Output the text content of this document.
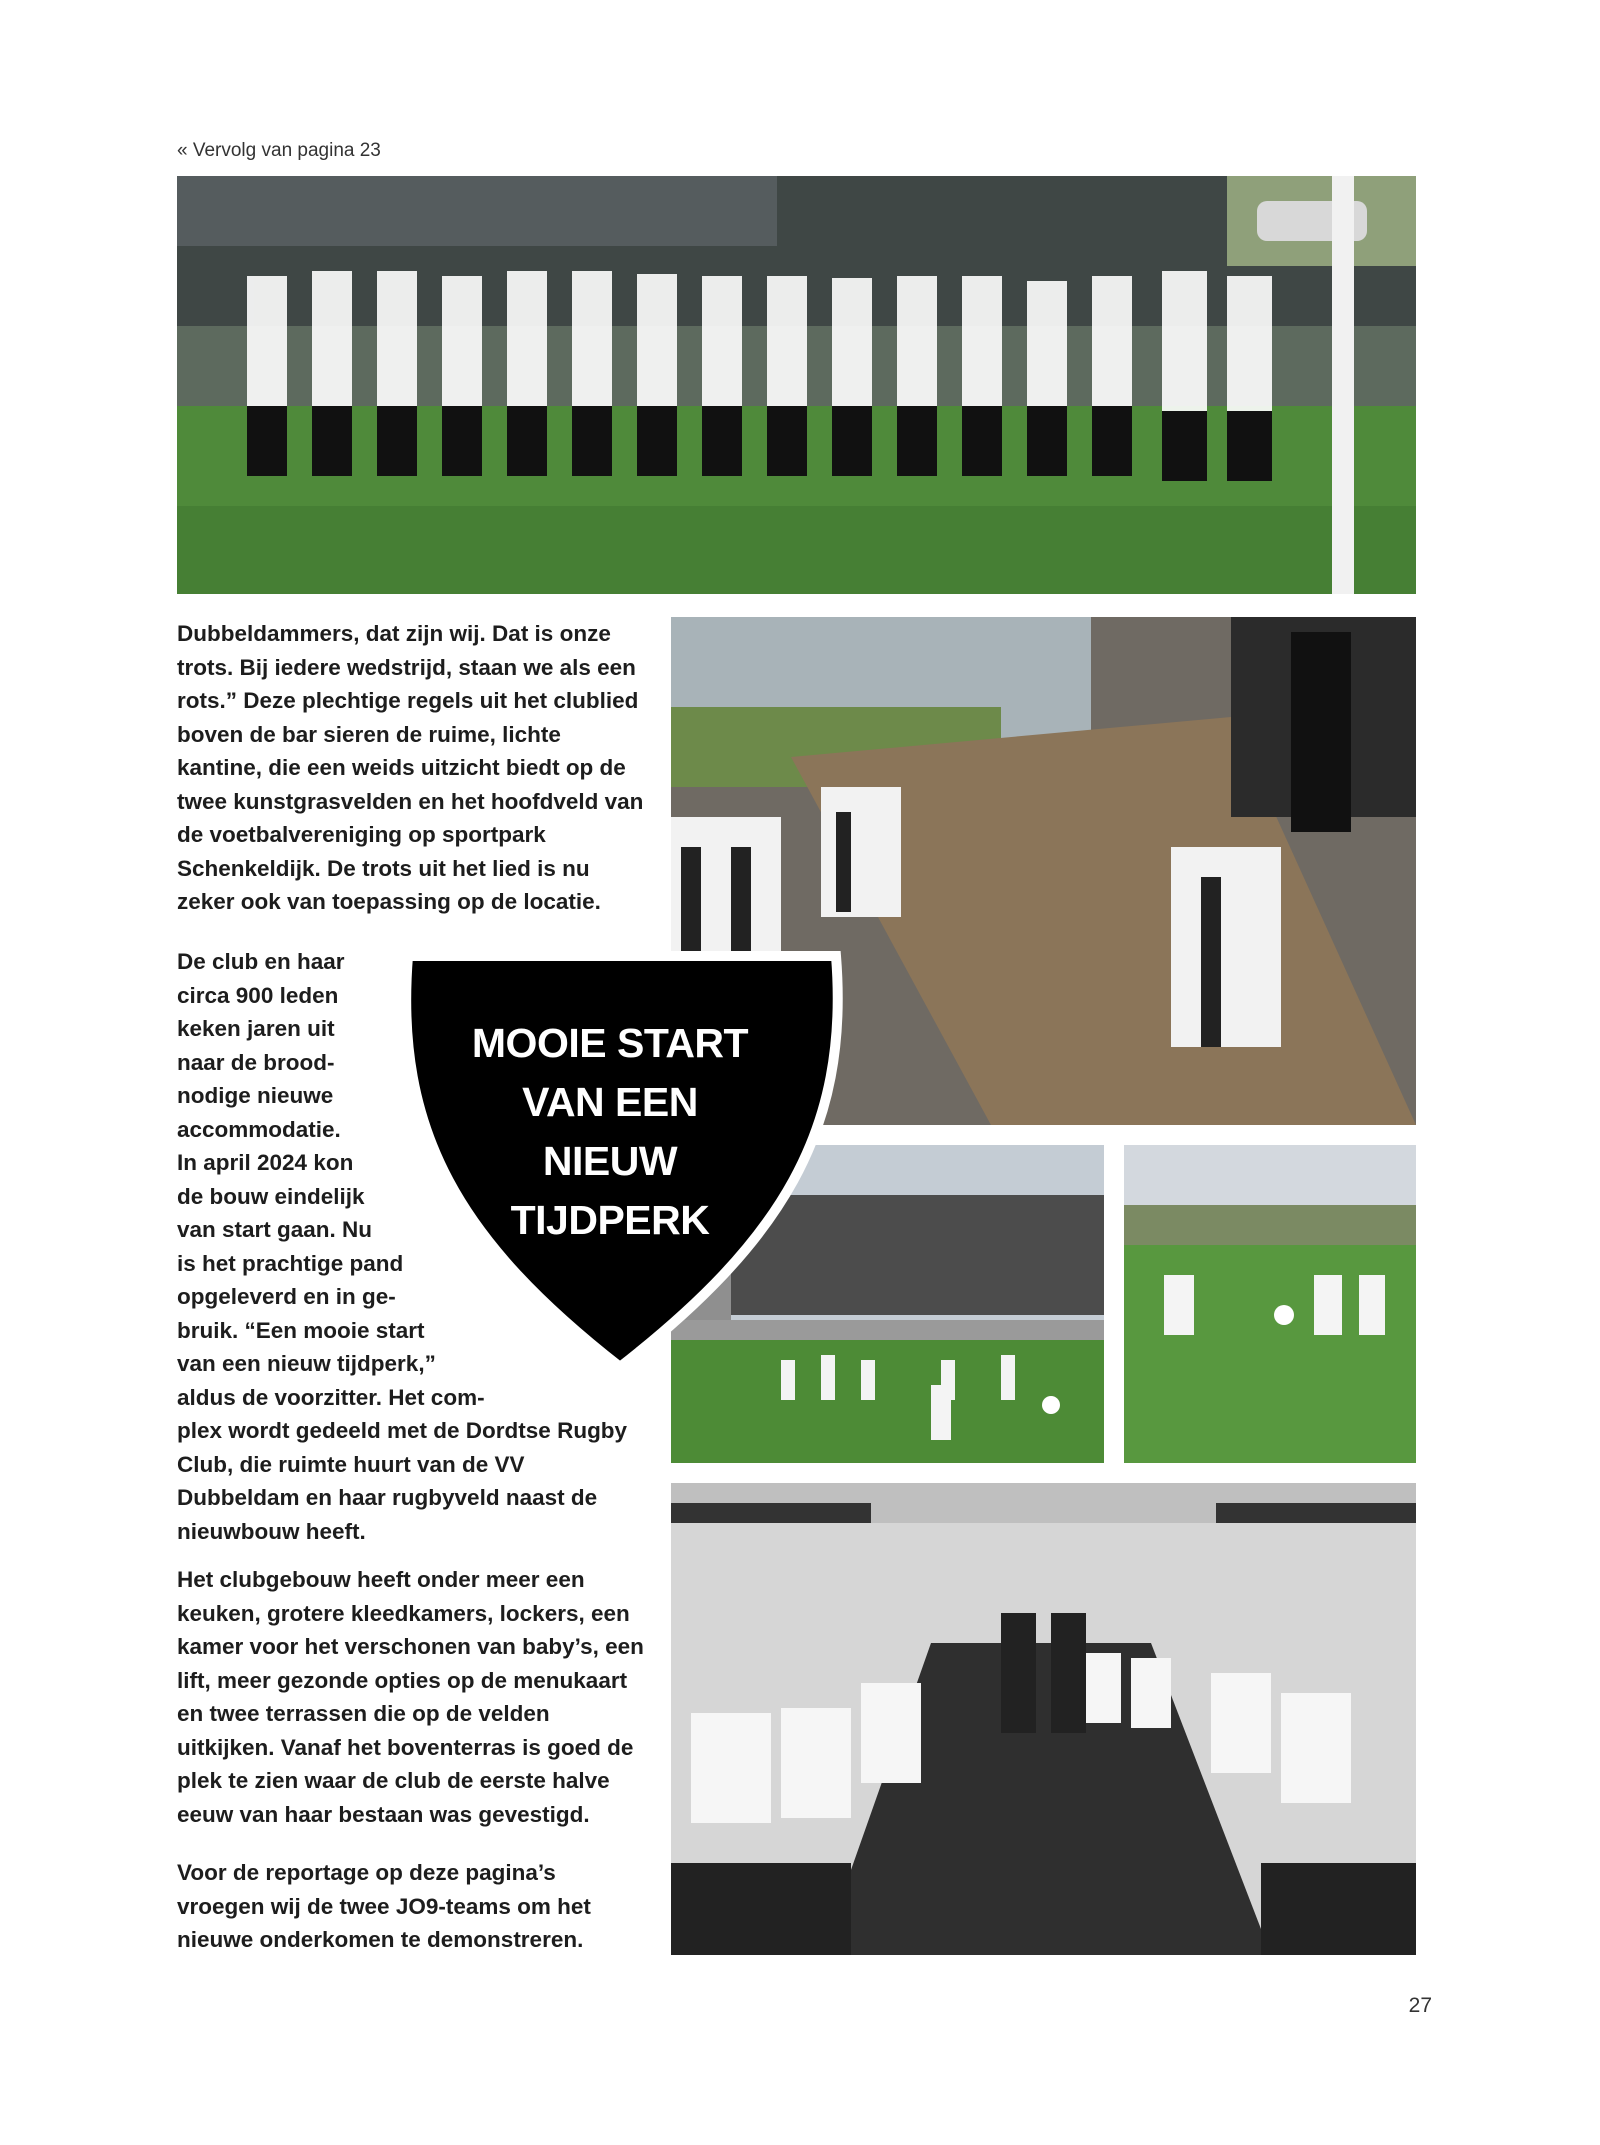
« Vervolg van pagina 23

Dubbeldammers, dat zijn wij. Dat is onze trots. Bij iedere wedstrijd, staan we als een rots.” Deze plechtige regels uit het clublied boven de bar sieren de ruime, lichte kantine, die een weids uitzicht biedt op de twee kunstgrasvelden en het hoofdveld van de voetbalvereniging op sportpark Schenkeldijk. De trots uit het lied is nu zeker ook van toepassing op de locatie.

De club en haar
circa 900 leden
keken jaren uit
naar de brood-
nodige nieuwe
accommodatie.
In april 2024 kon
de bouw eindelijk
van start gaan. Nu
is het prachtige pand
opgeleverd en in ge-
bruik. “Een mooie start
van een nieuw tijdperk,”
aldus de voorzitter. Het com-

plex wordt gedeeld met de Dordtse Rugby Club, die ruimte huurt van de VV Dubbeldam en haar rugbyveld naast de nieuwbouw heeft.

Het clubgebouw heeft onder meer een keuken, grotere kleedkamers, lockers, een kamer voor het verschonen van baby’s, een lift, meer gezonde opties op de menukaart en twee terrassen die op de velden uitkijken. Vanaf het boventerras is goed de plek te zien waar de club de eerste halve eeuw van haar bestaan was gevestigd.

Voor de reportage op deze pagina’s vroegen wij de twee JO9-teams om het nieuwe onderkomen te demonstreren.

MOOIE START
VAN EEN
NIEUW
TIJDPERK
27
